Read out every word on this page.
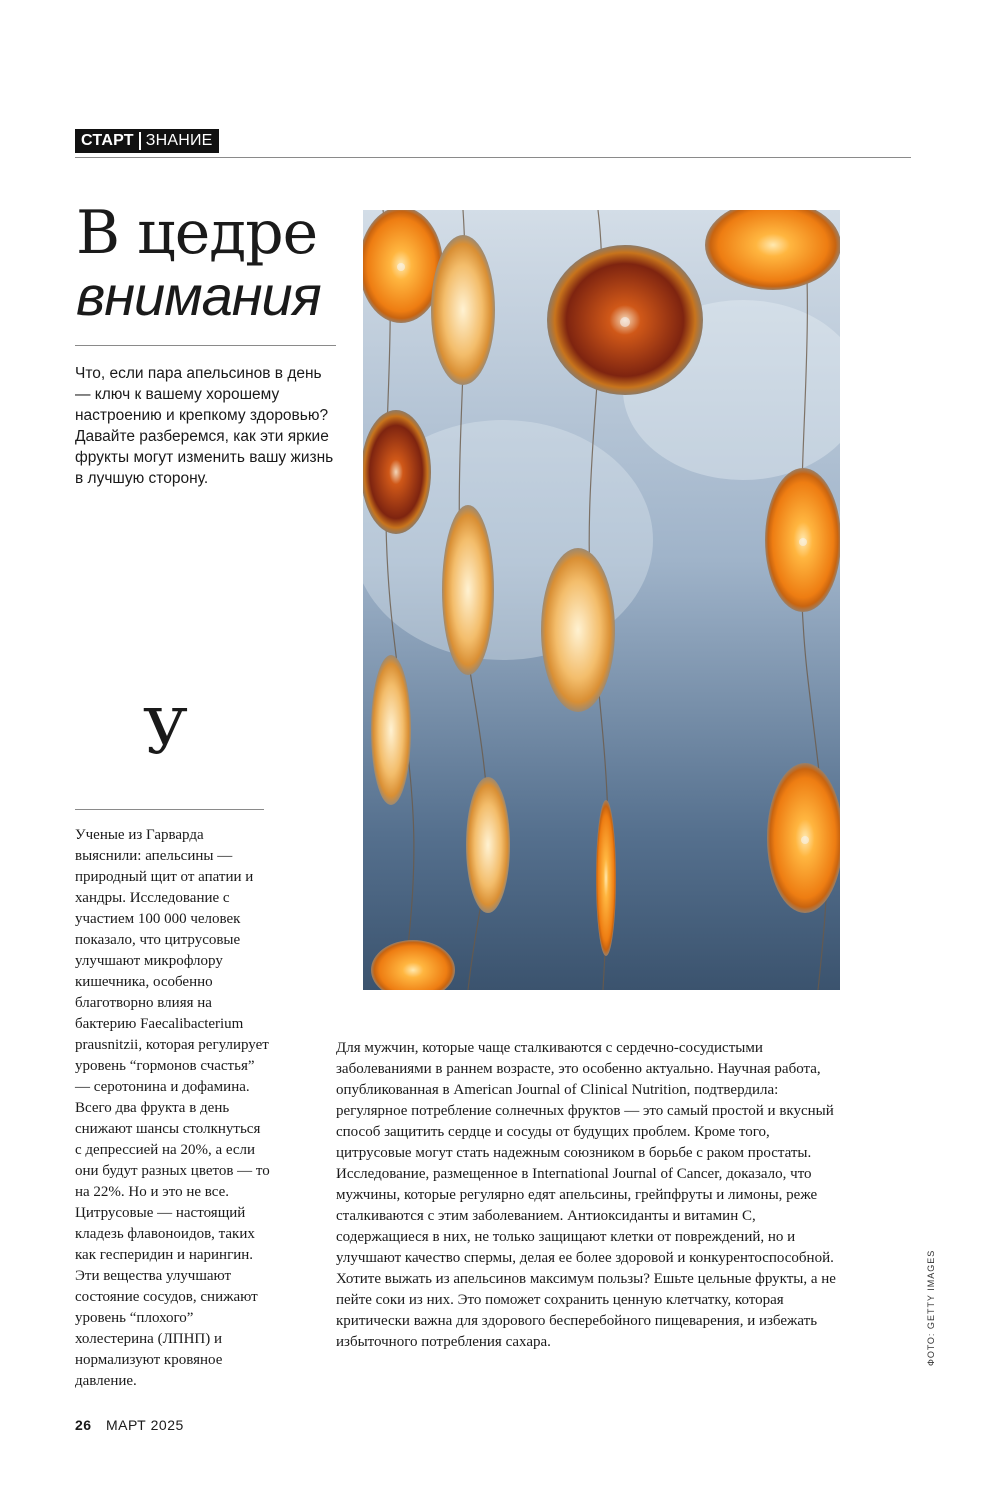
СТАРТ ЗНАНИЕ
В цедре
внимания

Что, если пара апельсинов в день — ключ к вашему хорошему настроению и крепкому здоровью? Давайте разберемся, как эти яркие фрукты могут изменить вашу жизнь в лучшую сторону.

У

Ученые из Гарварда выяснили: апельсины — природный щит от апатии и хандры. Исследование с участием 100 000 человек показало, что цитрусовые улучшают микрофлору кишечника, особенно благотворно влияя на бактерию Faecalibacterium prausnitzii, которая регулирует уровень “гормонов счастья” — серотонина и дофамина. Всего два фрукта в день снижают шансы столкнуться с депрессией на 20%, а если они будут разных цветов — то на 22%. Но и это не все. Цитрусовые — настоящий кладезь флавоноидов, таких как гесперидин и нарингин. Эти вещества улучшают состояние сосудов, снижают уровень “плохого” холестерина (ЛПНП) и нормализуют кровяное давление.

Для мужчин, которые чаще сталкиваются с сердечно-сосудистыми заболеваниями в раннем возрасте, это особенно актуально. Научная работа, опубликованная в American Journal of Clinical Nutrition, подтвердила: регулярное потребление солнечных фруктов — это самый простой и вкусный способ защитить сердце и сосуды от будущих проблем. Кроме того, цитрусовые могут стать надежным союзником в борьбе с раком простаты. Исследование, размещенное в International Journal of Cancer, доказало, что мужчины, которые регулярно едят апельсины, грейпфруты и лимоны, реже сталкиваются с этим заболеванием. Антиоксиданты и витамин С, содержащиеся в них, не только защищают клетки от повреждений, но и улучшают качество спермы, делая ее более здоровой и конкурентоспособной. Хотите выжать из апельсинов максимум пользы? Ешьте цельные фрукты, а не пейте соки из них. Это поможет сохранить ценную клетчатку, которая критически важна для здорового бесперебойного пищеварения, и избежать избыточного потребления сахара.	ФОТО: GETTY IMAGES
26 МАРТ 2025
